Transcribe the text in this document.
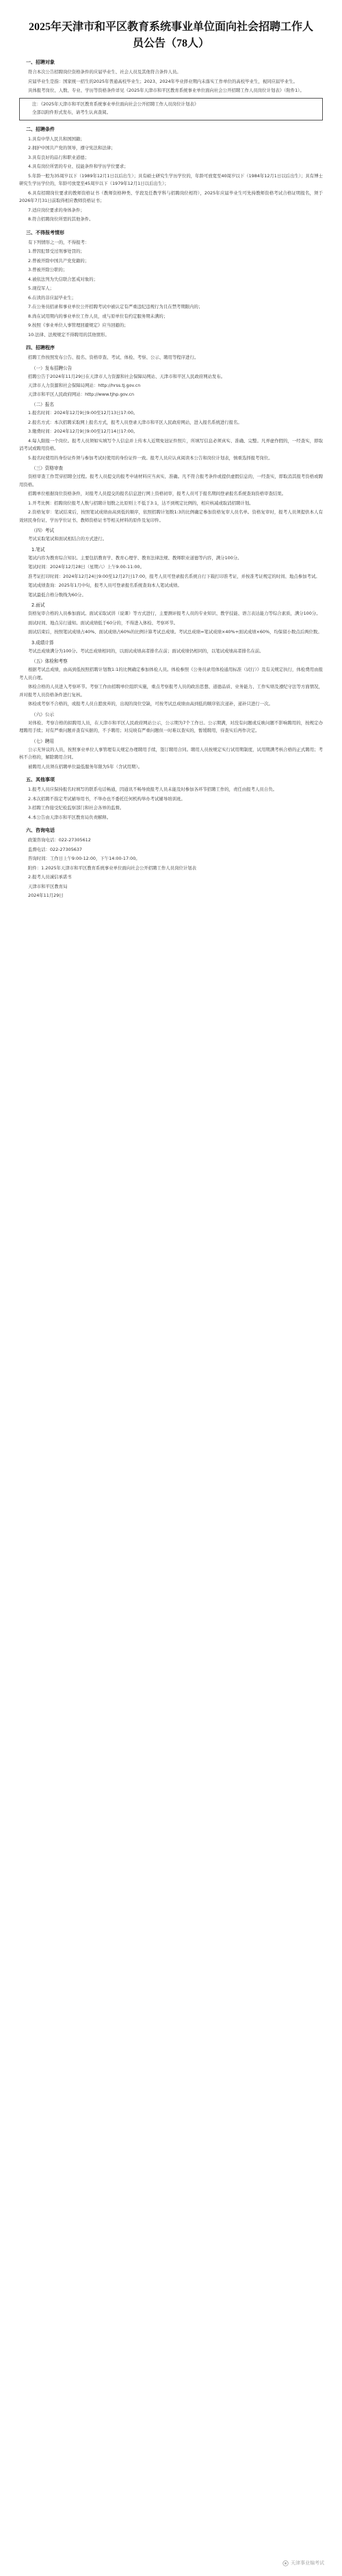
2025年天津市和平区教育系统事业单位面向社会招聘工作人员公告（78人）
一、招聘对象
符合本次公告招聘岗位资格条件的应届毕业生、社会人员及其他符合条件人员。
应届毕业生是指：国家统一招生的2025年普通高校毕业生；2023、2024年毕业择业期内未落实工作单位的高校毕业生，视同应届毕业生。
具体报考岗位、人数、专业、学历等资格条件详见《2025年天津市和平区教育系统事业单位面向社会公开招聘工作人员岗位计划表》（附件1）。
注：《2025年天津市和平区教育系统事业单位面向社会公开招聘工作人员岗位计划表》
全部以附件形式发布，请考生认真查阅。
二、招聘条件
1.具有中华人民共和国国籍；
2.拥护中国共产党的领导，遵守宪法和法律；
3.具有良好的品行和职业道德；
4.具有岗位所需的专业、技能条件和学历学位要求；
5.年龄一般为35周岁以下（1989年12月1日以后出生）；具有硕士研究生学历学位的，年龄可放宽至40周岁以下（1984年12月1日以后出生）；具有博士研究生学历学位的，年龄可放宽至45周岁以下（1979年12月1日以后出生）；
6.具有招聘岗位要求的教师资格证书（教师资格种类、学段及任教学科与招聘岗位相符），2025年应届毕业生可先持教师资格考试合格证明报名，须于2026年7月31日前取得相应教师资格证书；
7.适应岗位要求的身体条件；
8.符合招聘岗位所需的其他条件。
三、不得报考情形
有下列情形之一的，不得报考：
1.曾因犯罪受过刑事处罚的；
2.曾被开除中国共产党党籍的；
3.曾被开除公职的；
4.被依法列为失信联合惩戒对象的；
5.现役军人；
6.在读的非应届毕业生；
7.在公务员招录和事业单位公开招聘考试中被认定有严重违纪违规行为且在禁考期限内的；
8.尚在试用期内的事业单位工作人员，或与原单位有约定服务期未满的；
9.按照《事业单位人事管理回避规定》应当回避的；
10.法律、法规规定不得聘用的其他情形。
四、招聘程序
招聘工作按照发布公告、报名、资格审查、考试、体检、考察、公示、聘用等程序进行。
（一）发布招聘公告
招聘公告于2024年11月29日在天津市人力资源和社会保障局网站、天津市和平区人民政府网站发布。
天津市人力资源和社会保障局网站：http://hrss.tj.gov.cn
天津市和平区人民政府网站：http://www.tjhp.gov.cn
（二）报名
1.报名时间：2024年12月9日9:00至12月13日17:00。
2.报名方式：本次招聘采取网上报名方式，报考人员登录天津市和平区人民政府网站，进入报名系统进行报名。
3.缴费时间：2024年12月9日9:00至12月14日17:00。
4.每人限报一个岗位。报考人员须如实填写个人信息并上传本人近期免冠证件照片，所填写信息必须真实、准确、完整。凡弄虚作假的，一经查实，即取消考试或聘用资格。
5.报名时使用的身份证件须与参加考试时使用的身份证件一致。报考人员应认真阅读本公告和岗位计划表，慎重选择报考岗位。
（三）资格审查
资格审查工作贯穿招聘全过程。报考人员提交的报考申请材料应当真实、准确。凡不符合报考条件或提供虚假信息的，一经查实，即取消其报考资格或聘用资格。
招聘单位根据岗位资格条件，对报考人员提交的报名信息进行网上资格初审，报考人员可于报名期间登录报名系统查询资格审查结果。
1.开考比例：招聘岗位报考人数与招聘计划数之比原则上不低于3:1，达不到规定比例的，相应核减或取消招聘计划。
2.资格复审：笔试结束后，按照笔试成绩由高到低的顺序，依照招聘计划数1:3的比例确定参加资格复审人员名单。资格复审时，报考人员须提供本人有效居民身份证、学历学位证书、教师资格证书等相关材料的原件及复印件。
（四）考试
考试采取笔试和面试相结合的方式进行。
1.笔试
笔试内容为教育综合知识。主要包括教育学、教育心理学、教育法律法规、教师职业道德等内容，满分100分。
笔试时间：2024年12月28日（星期六）上午9:00-11:00。
准考证打印时间：2024年12月24日9:00至12月27日17:00，报考人员可登录报名系统自行下载打印准考证，并按准考证规定的时间、地点参加考试。
笔试成绩查询：2025年1月中旬，报考人员可登录报名系统查询本人笔试成绩。
笔试最低合格分数线为60分。
2.面试
资格复审合格的人员参加面试。面试采取试讲（说课）等方式进行，主要测评报考人员的专业知识、教学技能、语言表达能力等综合素质，满分100分。
面试时间、地点另行通知。面试成绩低于60分的，不得进入体检、考察环节。
面试结束后，按照笔试成绩占40%、面试成绩占60%的比例计算考试总成绩。考试总成绩=笔试成绩×40%+面试成绩×60%，均保留小数点后两位数。
3.成绩计算
考试总成绩满分为100分。考试总成绩相同的，以面试成绩高者排名在前；面试成绩仍相同的，以笔试成绩高者排名在前。
（五）体检和考察
根据考试总成绩，由高到低按照招聘计划数1:1的比例确定参加体检人员。体检参照《公务员录用体检通用标准（试行）》及有关规定执行，体检费用由报考人员自理。
体检合格的人员进入考察环节。考察工作由招聘单位组织实施，重点考察报考人员的政治思想、道德品质、业务能力、工作实绩及遵纪守法等方面情况，并对报考人员资格条件进行复核。
体检或考察不合格的，或报考人员自愿放弃的，出现的岗位空缺，可按考试总成绩由高到低的顺序依次递补，递补只进行一次。
（六）公示
对体检、考察合格的拟聘用人员，在天津市和平区人民政府网站公示，公示期为7个工作日。公示期满，对没有问题或反映问题不影响聘用的，按规定办理聘用手续；对有严重问题并查有实据的，不予聘用；对反映有严重问题但一时难以查实的，暂缓聘用，待查实后再作决定。
（七）聘用
公示无异议的人员，按照事业单位人事管理有关规定办理聘用手续，签订聘用合同。聘用人员按规定实行试用期制度，试用期满考核合格的正式聘用；考核不合格的，解除聘用合同。
被聘用人员须在招聘单位最低服务年限为5年（含试用期）。
五、其他事项
1.报考人员应保持报名时填写的联系电话畅通，因通讯不畅导致报考人员未能及时参加各环节招聘工作的，责任由报考人员自负。
2.本次招聘不指定考试辅导用书，不举办也不委托任何机构举办考试辅导培训班。
3.招聘工作接受纪检监察部门和社会各界的监督。
4.本公告由天津市和平区教育局负责解释。
六、咨询电话
政策咨询电话：022-27305612
监督电话：022-27305637
咨询时间：工作日上午9:00-12:00，下午14:00-17:00。
附件：1.2025年天津市和平区教育系统事业单位面向社会公开招聘工作人员岗位计划表
2.报考人员诚信承诺书
天津市和平区教育局
2024年11月29日
天津事业编考试
